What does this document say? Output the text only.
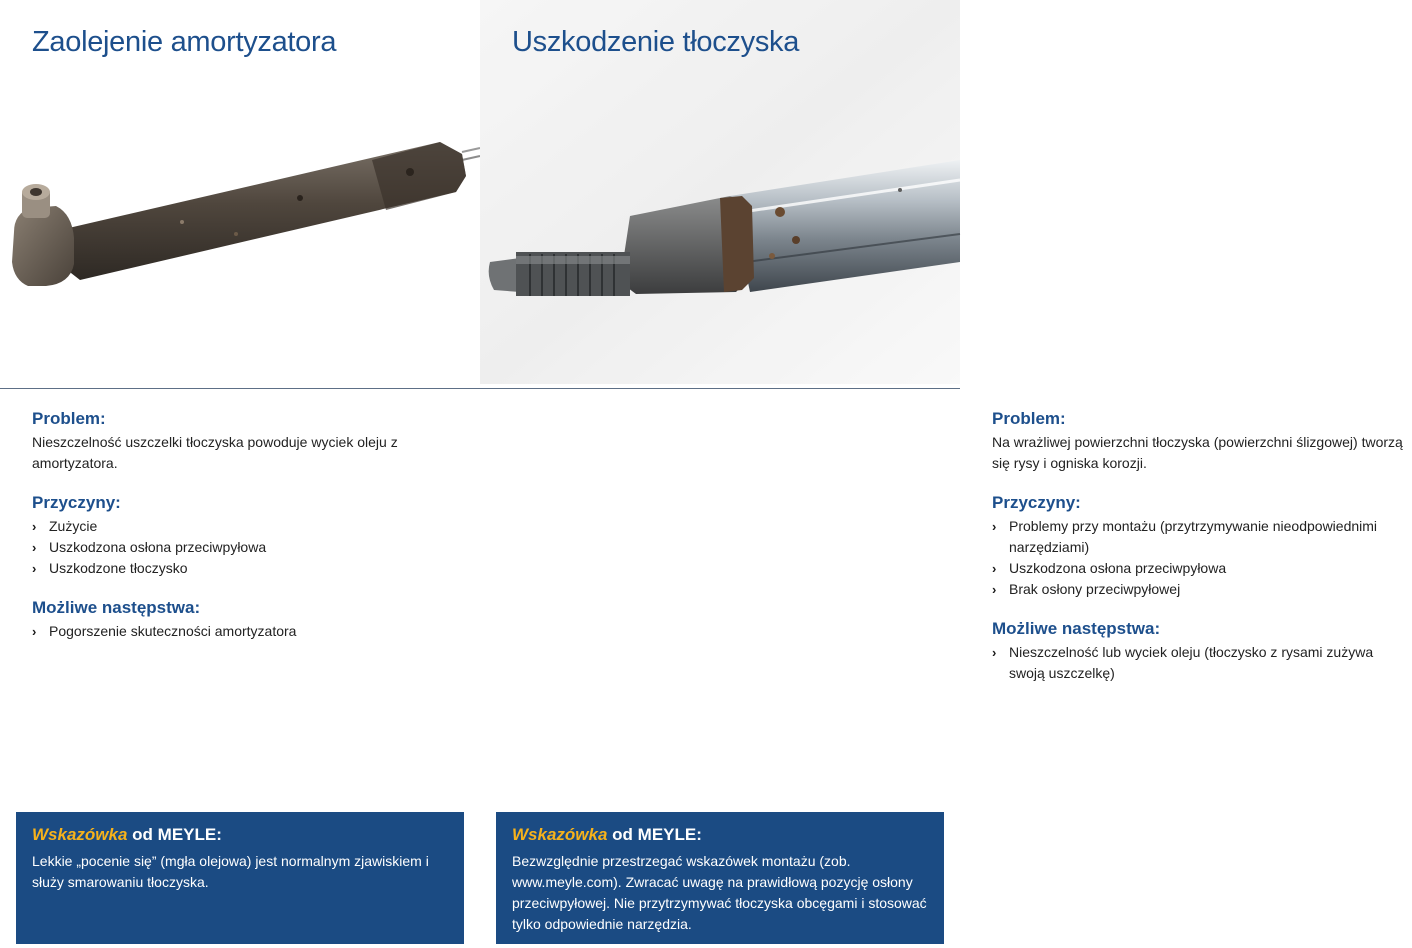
Zaolejenie amortyzatora

Problem:

Nieszczelność uszczelki tłoczyska powoduje wyciek oleju z amortyzatora.

Przyczyny:

› Zużycie
› Uszkodzona osłona przeciwpyłowa
› Uszkodzone tłoczysko

Możliwe następstwa:

› Pogorszenie skuteczności amortyzatora
Uszkodzenie tłoczyska

Problem:

Na wrażliwej powierzchni tłoczyska (powierzchni ślizgowej) tworzą się rysy i ogniska korozji.

Przyczyny:

› Problemy przy montażu (przytrzymywanie nieodpowiednimi narzędziami)
› Uszkodzona osłona przeciwpyłowa
› Brak osłony przeciwpyłowej

Możliwe następstwa:

› Nieszczelność lub wyciek oleju (tłoczysko z rysami zużywa swoją uszczelkę)

Wskazówka od MEYLE:

Lekkie „pocenie się” (mgła olejowa) jest normalnym zjawiskiem i służy smarowaniu tłoczyska.

Wskazówka od MEYLE:

Bezwzględnie przestrzegać wskazówek montażu (zob. www.meyle.com). Zwracać uwagę na prawidłową pozycję osłony przeciwpyłowej. Nie przytrzymywać tłoczyska obcęgami i stosować tylko odpowiednie narzędzia.
